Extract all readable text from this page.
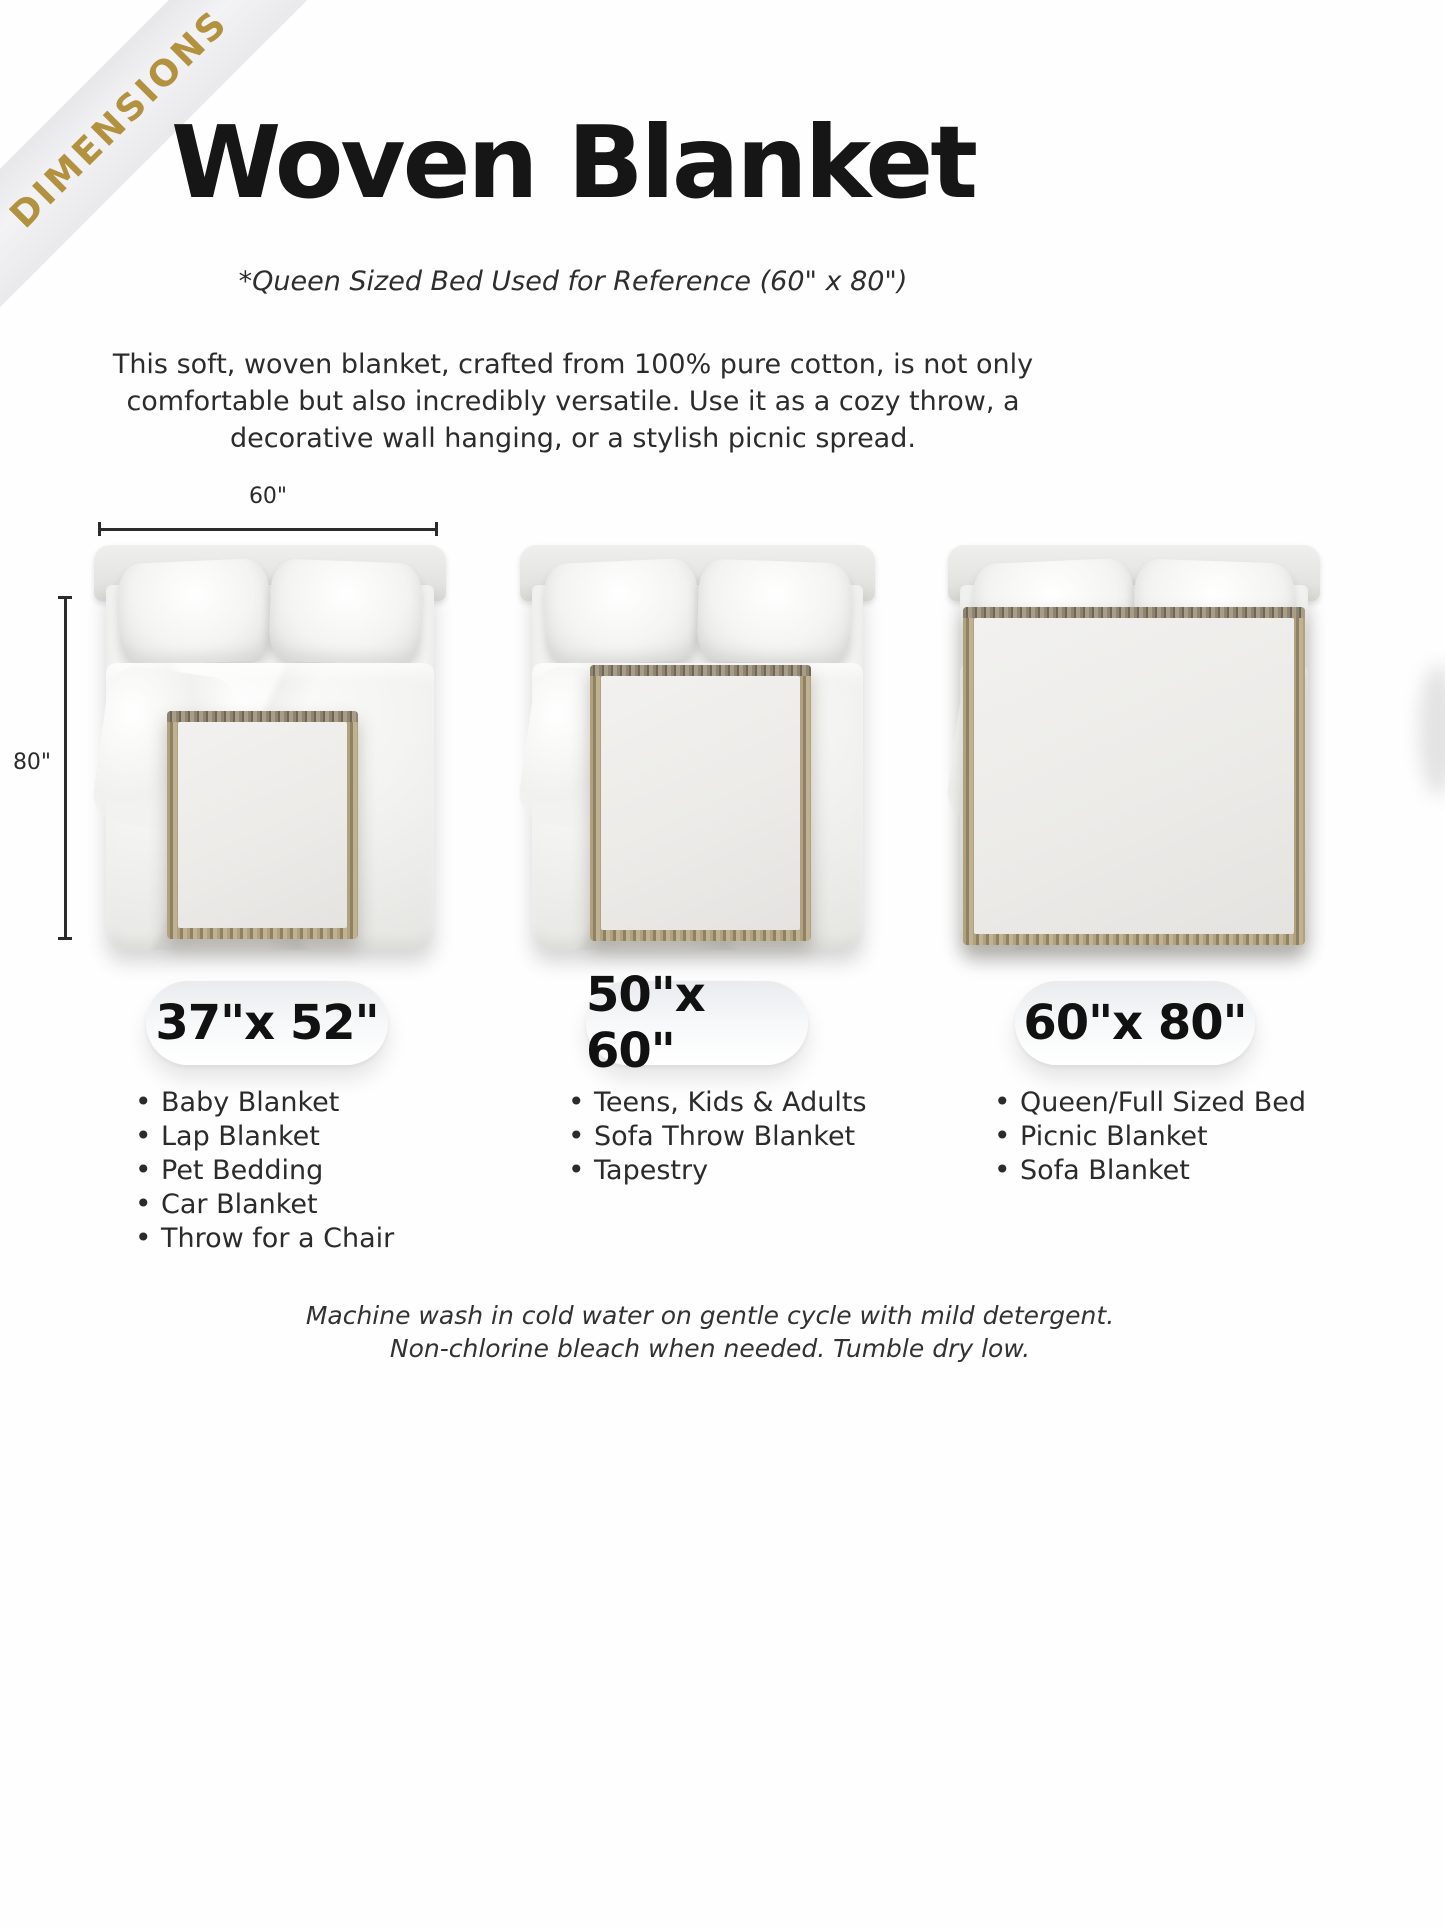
DIMENSIONS
Woven Blanket
*Queen Sized Bed Used for Reference (60" x 80")
This soft, woven blanket, crafted from 100% pure cotton, is not only
comfortable but also incredibly versatile. Use it as a cozy throw, a
decorative wall hanging, or a stylish picnic spread.
60"
80"
37"x 52"	50"x 60"	60"x 80"
• Baby Blanket
• Lap Blanket
• Pet Bedding
• Car Blanket
• Throw for a Chair
• Teens, Kids & Adults
• Sofa Throw Blanket
• Tapestry
• Queen/Full Sized Bed
• Picnic Blanket
• Sofa Blanket
Machine wash in cold water on gentle cycle with mild detergent.
Non-chlorine bleach when needed. Tumble dry low.
